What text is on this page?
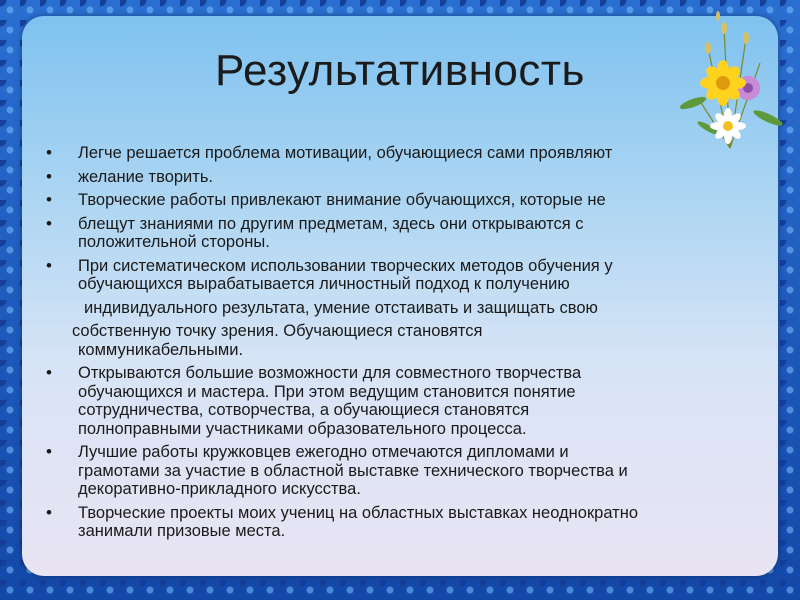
Результативность
• Легче решается проблема мотивации, обучающиеся сами проявляют
• желание творить.
• Творческие работы привлекают внимание обучающихся, которые не
• блещут знаниями по другим предметам, здесь они открываются с
положительной стороны.
• При систематическом использовании творческих методов обучения у
обучающихся вырабатывается личностный подход к получению
индивидуального результата, умение отстаивать и защищать свою
собственную точку зрения. Обучающиеся становятся
коммуникабельными.
• Открываются большие возможности для совместного творчества
обучающихся и мастера. При этом ведущим становится понятие
сотрудничества, сотворчества, а обучающиеся становятся
полноправными участниками образовательного процесса.
• Лучшие работы кружковцев ежегодно отмечаются дипломами и
грамотами за участие в областной выставке технического творчества и
декоративно-прикладного искусства.
• Творческие проекты моих учениц на областных выставках неоднократно
занимали призовые места.
